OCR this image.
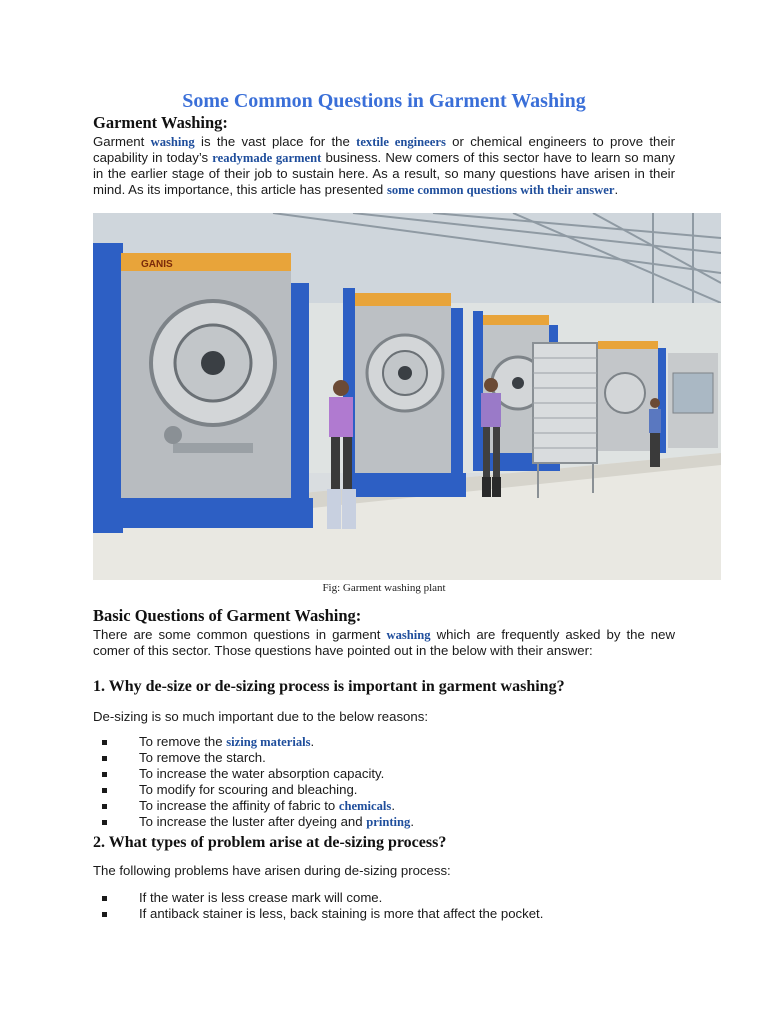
Some Common Questions in Garment Washing
Garment Washing:

Garment washing is the vast place for the textile engineers or chemical engineers to prove their capability in today’s readymade garment business. New comers of this sector have to learn so many in the earlier stage of their job to sustain here. As a result, so many questions have arisen in their mind. As its importance, this article has presented some common questions with their answer.

GANIS
Fig: Garment washing plant
Basic Questions of Garment Washing:

There are some common questions in garment washing which are frequently asked by the new comer of this sector. Those questions have pointed out in the below with their answer:

1. Why de-size or de-sizing process is important in garment washing?

De-sizing is so much important due to the below reasons:

To remove the sizing materials.
To remove the starch.
To increase the water absorption capacity.
To modify for scouring and bleaching.
To increase the affinity of fabric to chemicals.
To increase the luster after dyeing and printing.
2. What types of problem arise at de-sizing process?

The following problems have arisen during de-sizing process:

If the water is less crease mark will come.
If antiback stainer is less, back staining is more that affect the pocket.
